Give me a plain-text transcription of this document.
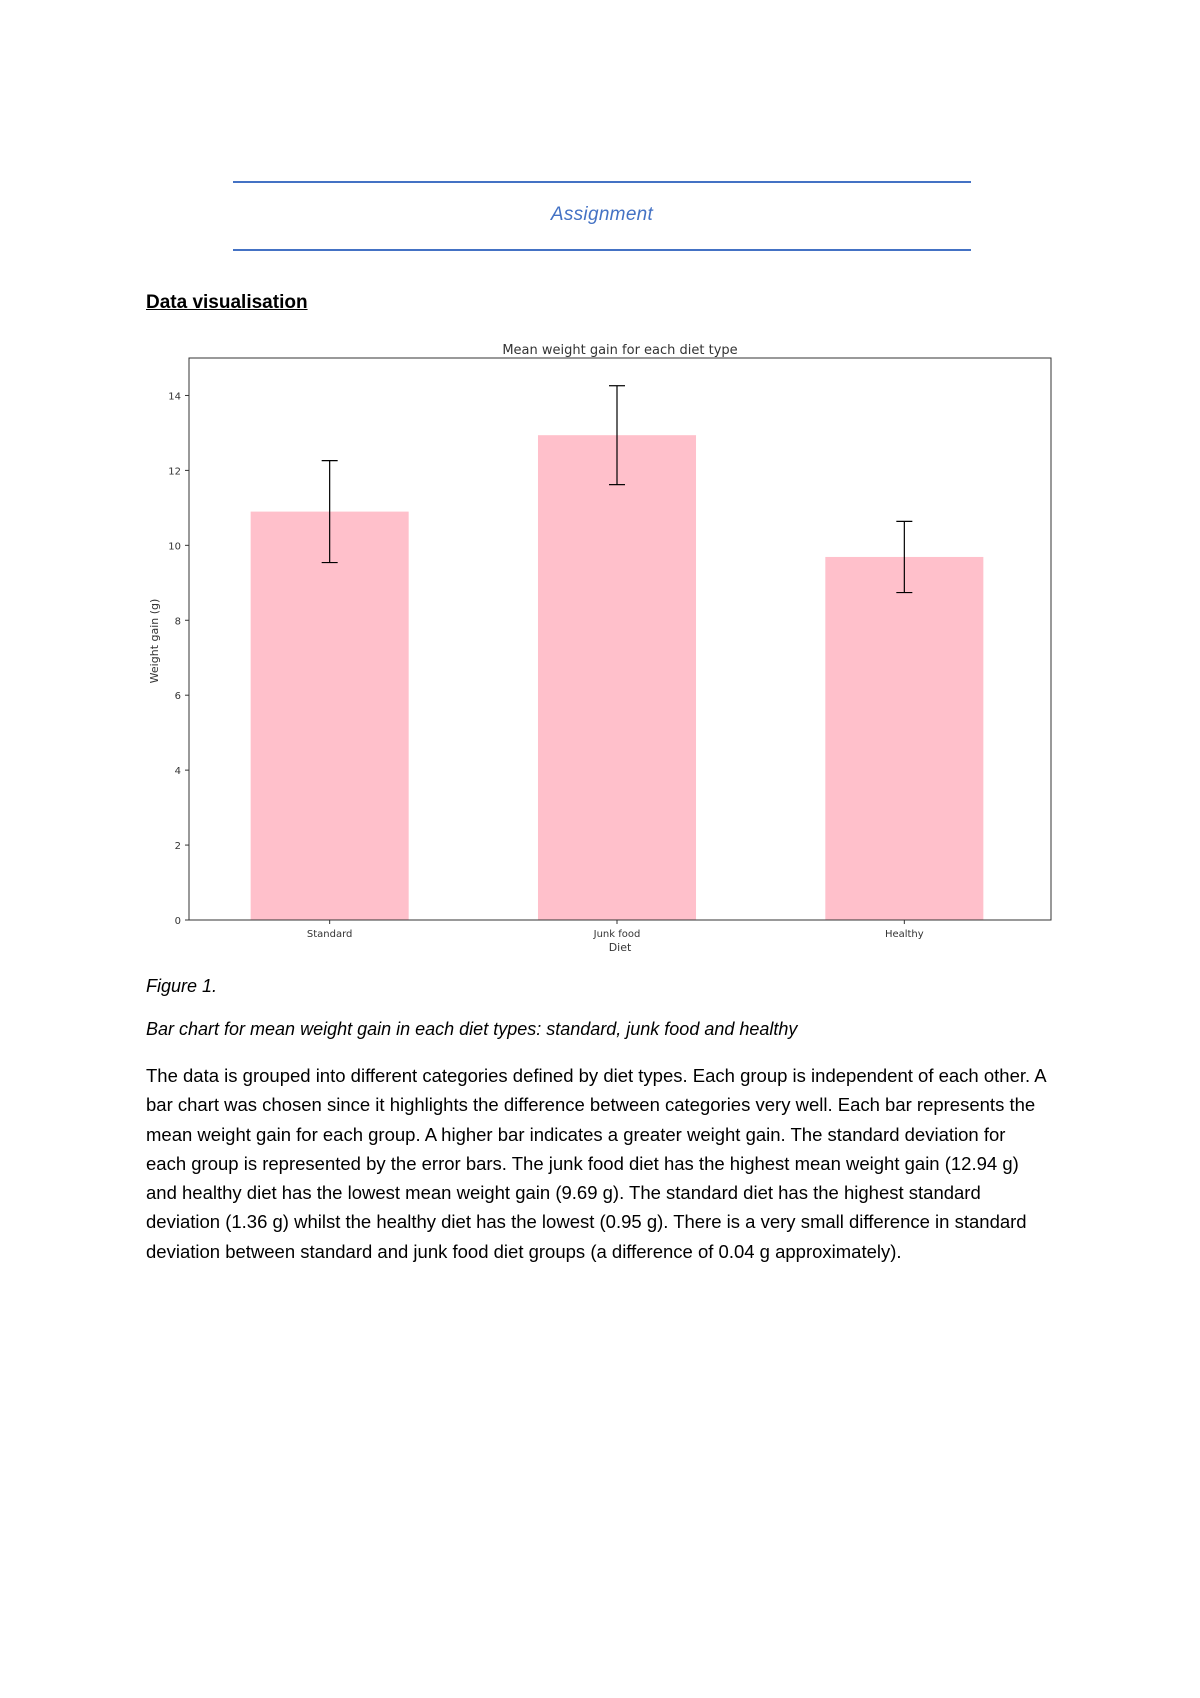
Assignment
Data visualisation
Mean weight gain for each diet type
Weight gain (g)
Diet
0
2
4
6
8
10
12
14
Standard	Junk food	Healthy
Figure 1.
Bar chart for mean weight gain in each diet types: standard, junk food and healthy
The data is grouped into different categories defined by diet types. Each group is independent of each other. A bar chart was chosen since it highlights the difference between categories very well. Each bar represents the mean weight gain for each group. A higher bar indicates a greater weight gain. The standard deviation for each group is represented by the error bars. The junk food diet has the highest mean weight gain (12.94 g) and healthy diet has the lowest mean weight gain (9.69 g). The standard diet has the highest standard deviation (1.36 g) whilst the healthy diet has the lowest (0.95 g). There is a very small difference in standard deviation between standard and junk food diet groups (a difference of 0.04 g approximately).
